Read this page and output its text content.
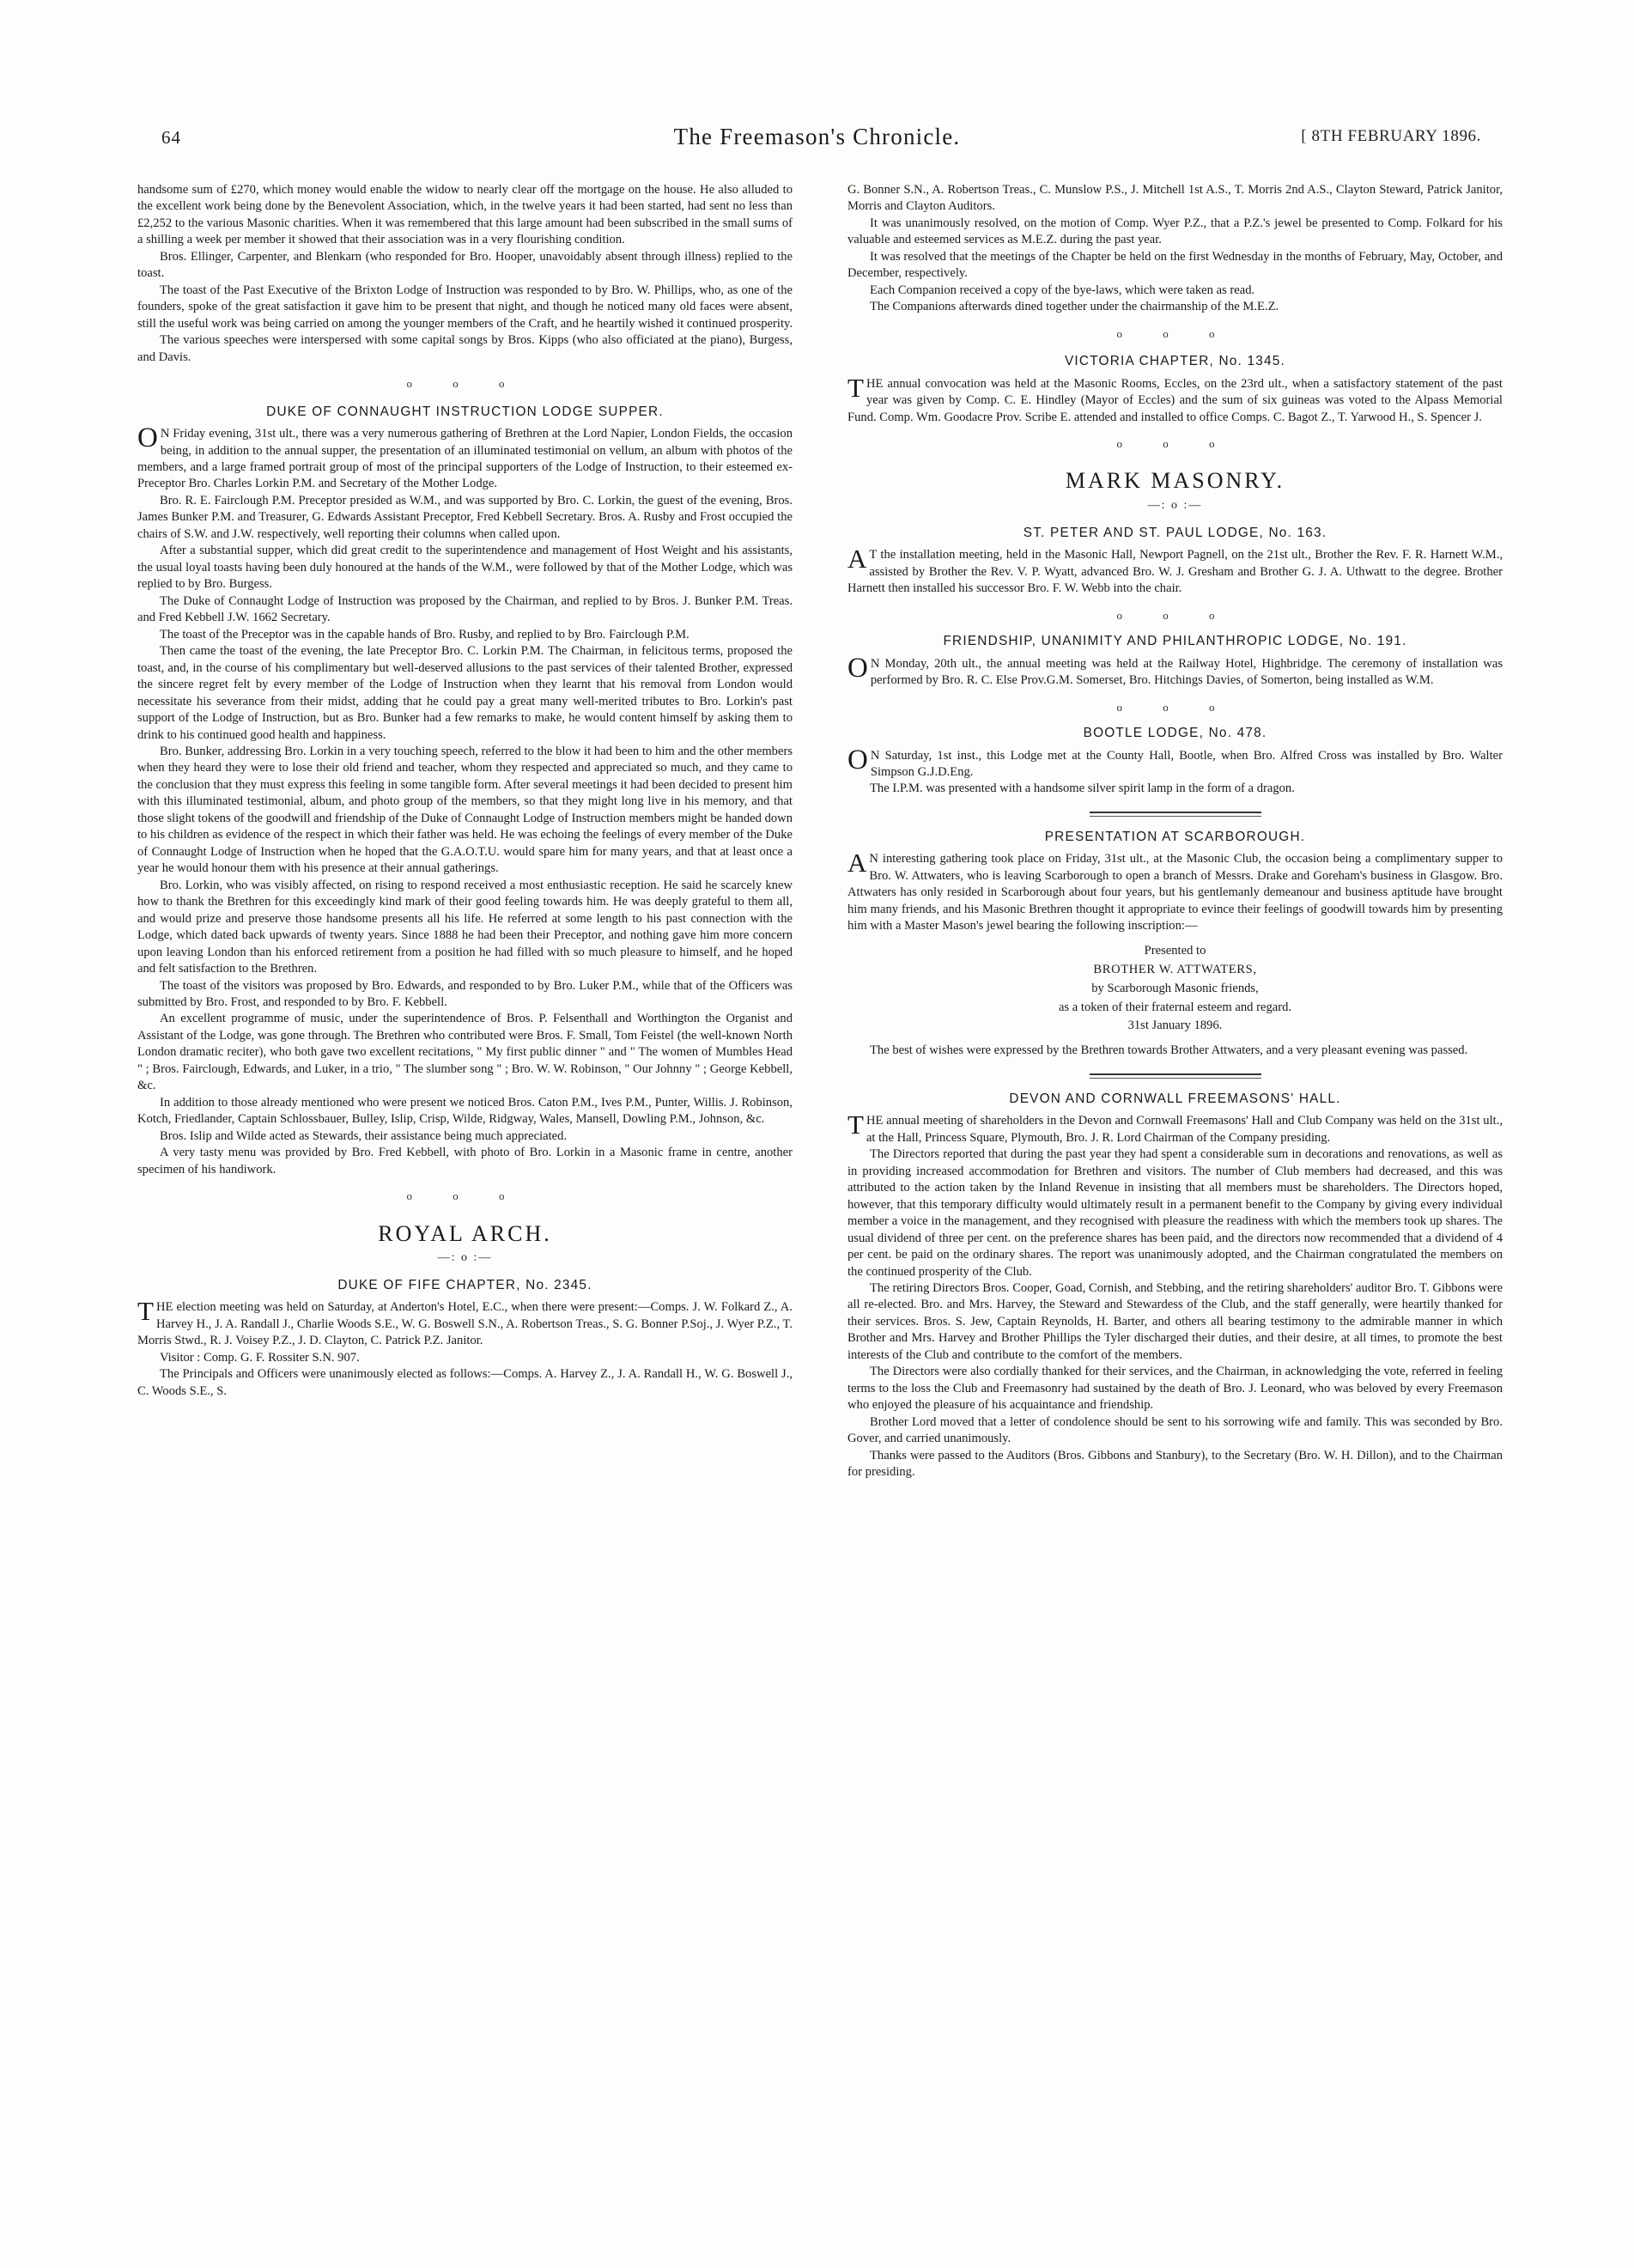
64	The Freemason's Chronicle.	[ 8TH FEBRUARY 1896.

handsome sum of £270, which money would enable the widow to nearly clear off the mortgage on the house. He also alluded to the excellent work being done by the Benevolent Association, which, in the twelve years it had been started, had sent no less than £2,252 to the various Masonic charities. When it was remembered that this large amount had been subscribed in the small sums of a shilling a week per member it showed that their association was in a very flourishing condition.

Bros. Ellinger, Carpenter, and Blenkarn (who responded for Bro. Hooper, unavoidably absent through illness) replied to the toast.

The toast of the Past Executive of the Brixton Lodge of Instruction was responded to by Bro. W. Phillips, who, as one of the founders, spoke of the great satisfaction it gave him to be present that night, and though he noticed many old faces were absent, still the useful work was being carried on among the younger members of the Craft, and he heartily wished it continued prosperity.

The various speeches were interspersed with some capital songs by Bros. Kipps (who also officiated at the piano), Burgess, and Davis.

o o o
DUKE OF CONNAUGHT INSTRUCTION LODGE SUPPER.

O N Friday evening, 31st ult., there was a very numerous gathering of Brethren at the Lord Napier, London Fields, the occasion being, in addition to the annual supper, the presentation of an illuminated testimonial on vellum, an album with photos of the members, and a large framed portrait group of most of the principal supporters of the Lodge of Instruction, to their esteemed ex-Preceptor Bro. Charles Lorkin P.M. and Secretary of the Mother Lodge.

Bro. R. E. Fairclough P.M. Preceptor presided as W.M., and was supported by Bro. C. Lorkin, the guest of the evening, Bros. James Bunker P.M. and Treasurer, G. Edwards Assistant Preceptor, Fred Kebbell Secretary. Bros. A. Rusby and Frost occupied the chairs of S.W. and J.W. respectively, well reporting their columns when called upon.

After a substantial supper, which did great credit to the superintendence and management of Host Weight and his assistants, the usual loyal toasts having been duly honoured at the hands of the W.M., were followed by that of the Mother Lodge, which was replied to by Bro. Burgess.

The Duke of Connaught Lodge of Instruction was proposed by the Chairman, and replied to by Bros. J. Bunker P.M. Treas. and Fred Kebbell J.W. 1662 Secretary.

The toast of the Preceptor was in the capable hands of Bro. Rusby, and replied to by Bro. Fairclough P.M.

Then came the toast of the evening, the late Preceptor Bro. C. Lorkin P.M. The Chairman, in felicitous terms, proposed the toast, and, in the course of his complimentary but well-deserved allusions to the past services of their talented Brother, expressed the sincere regret felt by every member of the Lodge of Instruction when they learnt that his removal from London would necessitate his severance from their midst, adding that he could pay a great many well-merited tributes to Bro. Lorkin's past support of the Lodge of Instruction, but as Bro. Bunker had a few remarks to make, he would content himself by asking them to drink to his continued good health and happiness.

Bro. Bunker, addressing Bro. Lorkin in a very touching speech, referred to the blow it had been to him and the other members when they heard they were to lose their old friend and teacher, whom they respected and appreciated so much, and they came to the conclusion that they must express this feeling in some tangible form. After several meetings it had been decided to present him with this illuminated testimonial, album, and photo group of the members, so that they might long live in his memory, and that those slight tokens of the goodwill and friendship of the Duke of Connaught Lodge of Instruction members might be handed down to his children as evidence of the respect in which their father was held. He was echoing the feelings of every member of the Duke of Connaught Lodge of Instruction when he hoped that the G.A.O.T.U. would spare him for many years, and that at least once a year he would honour them with his presence at their annual gatherings.

Bro. Lorkin, who was visibly affected, on rising to respond received a most enthusiastic reception. He said he scarcely knew how to thank the Brethren for this exceedingly kind mark of their good feeling towards him. He was deeply grateful to them all, and would prize and preserve those handsome presents all his life. He referred at some length to his past connection with the Lodge, which dated back upwards of twenty years. Since 1888 he had been their Preceptor, and nothing gave him more concern upon leaving London than his enforced retirement from a position he had filled with so much pleasure to himself, and he hoped and felt satisfaction to the Brethren.

The toast of the visitors was proposed by Bro. Edwards, and responded to by Bro. Luker P.M., while that of the Officers was submitted by Bro. Frost, and responded to by Bro. F. Kebbell.

An excellent programme of music, under the superintendence of Bros. P. Felsenthall and Worthington the Organist and Assistant of the Lodge, was gone through. The Brethren who contributed were Bros. F. Small, Tom Feistel (the well-known North London dramatic reciter), who both gave two excellent recitations, " My first public dinner " and " The women of Mumbles Head " ; Bros. Fairclough, Edwards, and Luker, in a trio, " The slumber song " ; Bro. W. W. Robinson, " Our Johnny " ; George Kebbell, &c.

In addition to those already mentioned who were present we noticed Bros. Caton P.M., Ives P.M., Punter, Willis. J. Robinson, Kotch, Friedlander, Captain Schlossbauer, Bulley, Islip, Crisp, Wilde, Ridgway, Wales, Mansell, Dowling P.M., Johnson, &c.

Bros. Islip and Wilde acted as Stewards, their assistance being much appreciated.

A very tasty menu was provided by Bro. Fred Kebbell, with photo of Bro. Lorkin in a Masonic frame in centre, another specimen of his handiwork.

o o o
ROYAL ARCH.
—: o :—
DUKE OF FIFE CHAPTER, No. 2345.

THE election meeting was held on Saturday, at Anderton's Hotel, E.C., when there were present:—Comps. J. W. Folkard Z., A. Harvey H., J. A. Randall J., Charlie Woods S.E., W. G. Boswell S.N., A. Robertson Treas., S. G. Bonner P.Soj., J. Wyer P.Z., T. Morris Stwd., R. J. Voisey P.Z., J. D. Clayton, C. Patrick P.Z. Janitor.

Visitor : Comp. G. F. Rossiter S.N. 907.

The Principals and Officers were unanimously elected as follows:—Comps. A. Harvey Z., J. A. Randall H., W. G. Boswell J., C. Woods S.E., S.

G. Bonner S.N., A. Robertson Treas., C. Munslow P.S., J. Mitchell 1st A.S., T. Morris 2nd A.S., Clayton Steward, Patrick Janitor, Morris and Clayton Auditors.

It was unanimously resolved, on the motion of Comp. Wyer P.Z., that a P.Z.'s jewel be presented to Comp. Folkard for his valuable and esteemed services as M.E.Z. during the past year.

It was resolved that the meetings of the Chapter be held on the first Wednesday in the months of February, May, October, and December, respectively.

Each Companion received a copy of the bye-laws, which were taken as read.

The Companions afterwards dined together under the chairmanship of the M.E.Z.

o o o
VICTORIA CHAPTER, No. 1345.

THE annual convocation was held at the Masonic Rooms, Eccles, on the 23rd ult., when a satisfactory statement of the past year was given by Comp. C. E. Hindley (Mayor of Eccles) and the sum of six guineas was voted to the Alpass Memorial Fund. Comp. Wm. Goodacre Prov. Scribe E. attended and installed to office Comps. C. Bagot Z., T. Yarwood H., S. Spencer J.

o o o
MARK MASONRY.
—: o :—
ST. PETER AND ST. PAUL LODGE, No. 163.

A T the installation meeting, held in the Masonic Hall, Newport Pagnell, on the 21st ult., Brother the Rev. F. R. Harnett W.M., assisted by Brother the Rev. V. P. Wyatt, advanced Bro. W. J. Gresham and Brother G. J. A. Uthwatt to the degree. Brother Harnett then installed his successor Bro. F. W. Webb into the chair.

o o o
FRIENDSHIP, UNANIMITY AND PHILANTHROPIC LODGE, No. 191.

O N Monday, 20th ult., the annual meeting was held at the Railway Hotel, Highbridge. The ceremony of installation was performed by Bro. R. C. Else Prov.G.M. Somerset, Bro. Hitchings Davies, of Somerton, being installed as W.M.

o o o
BOOTLE LODGE, No. 478.

O N Saturday, 1st inst., this Lodge met at the County Hall, Bootle, when Bro. Alfred Cross was installed by Bro. Walter Simpson G.J.D.Eng.

The I.P.M. was presented with a handsome silver spirit lamp in the form of a dragon.

PRESENTATION AT SCARBOROUGH.

A N interesting gathering took place on Friday, 31st ult., at the Masonic Club, the occasion being a complimentary supper to Bro. W. Attwaters, who is leaving Scarborough to open a branch of Messrs. Drake and Goreham's business in Glasgow. Bro. Attwaters has only resided in Scarborough about four years, but his gentlemanly demeanour and business aptitude have brought him many friends, and his Masonic Brethren thought it appropriate to evince their feelings of goodwill towards him by presenting him with a Master Mason's jewel bearing the following inscription:—

Presented to
BROTHER W. ATTWATERS,
by Scarborough Masonic friends,
as a token of their fraternal esteem and regard.
31st January 1896.

The best of wishes were expressed by the Brethren towards Brother Attwaters, and a very pleasant evening was passed.

DEVON AND CORNWALL FREEMASONS' HALL.

THE annual meeting of shareholders in the Devon and Cornwall Freemasons' Hall and Club Company was held on the 31st ult., at the Hall, Princess Square, Plymouth, Bro. J. R. Lord Chairman of the Company presiding.

The Directors reported that during the past year they had spent a considerable sum in decorations and renovations, as well as in providing increased accommodation for Brethren and visitors. The number of Club members had decreased, and this was attributed to the action taken by the Inland Revenue in insisting that all members must be shareholders. The Directors hoped, however, that this temporary difficulty would ultimately result in a permanent benefit to the Company by giving every individual member a voice in the management, and they recognised with pleasure the readiness with which the members took up shares. The usual dividend of three per cent. on the preference shares has been paid, and the directors now recommended that a dividend of 4 per cent. be paid on the ordinary shares. The report was unanimously adopted, and the Chairman congratulated the members on the continued prosperity of the Club.

The retiring Directors Bros. Cooper, Goad, Cornish, and Stebbing, and the retiring shareholders' auditor Bro. T. Gibbons were all re-elected. Bro. and Mrs. Harvey, the Steward and Stewardess of the Club, and the staff generally, were heartily thanked for their services. Bros. S. Jew, Captain Reynolds, H. Barter, and others all bearing testimony to the admirable manner in which Brother and Mrs. Harvey and Brother Phillips the Tyler discharged their duties, and their desire, at all times, to promote the best interests of the Club and contribute to the comfort of the members.

The Directors were also cordially thanked for their services, and the Chairman, in acknowledging the vote, referred in feeling terms to the loss the Club and Freemasonry had sustained by the death of Bro. J. Leonard, who was beloved by every Freemason who enjoyed the pleasure of his acquaintance and friendship.

Brother Lord moved that a letter of condolence should be sent to his sorrowing wife and family. This was seconded by Bro. Gover, and carried unanimously.

Thanks were passed to the Auditors (Bros. Gibbons and Stanbury), to the Secretary (Bro. W. H. Dillon), and to the Chairman for presiding.
